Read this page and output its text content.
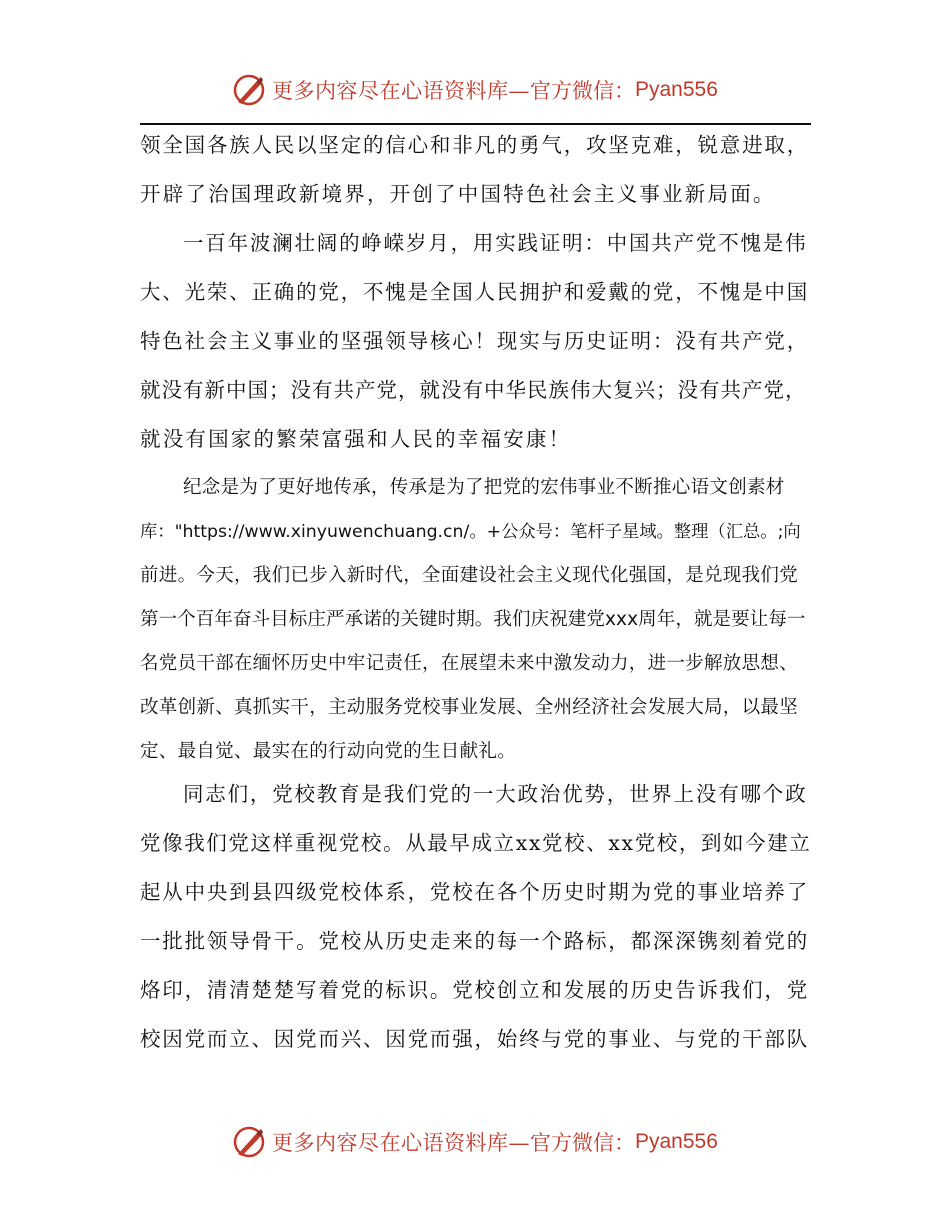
更多内容尽在心语资料库— 官方微信： Pyan556
领全国各族人民以坚定的信心和非凡的勇气，攻坚克难，锐意进取，
开辟了治国理政新境界，开创了中国特色社会主义事业新局面。
一百年波澜壮阔的峥嵘岁月，用实践证明：中国共产党不愧是伟
大、光荣、正确的党，不愧是全国人民拥护和爱戴的党，不愧是中国
特色社会主义事业的坚强领导核心！现实与历史证明：没有共产党，
就没有新中国；没有共产党，就没有中华民族伟大复兴；没有共产党，
就没有国家的繁荣富强和人民的幸福安康！
纪念是为了更好地传承，传承是为了把党的宏伟事业不断推心语文创素材
库："https://www.xinyuwenchuang.cn/。+公众号：笔杆子星域。整理（汇总。;向
前进。今天，我们已步入新时代，全面建设社会主义现代化强国，是兑现我们党
第一个百年奋斗目标庄严承诺的关键时期。我们庆祝建党xxx周年，就是要让每一
名党员干部在缅怀历史中牢记责任，在展望未来中激发动力，进一步解放思想、
改革创新、真抓实干，主动服务党校事业发展、全州经济社会发展大局，以最坚
定、最自觉、最实在的行动向党的生日献礼。
同志们，党校教育是我们党的一大政治优势，世界上没有哪个政
党像我们党这样重视党校。从最早成立xx党校、xx党校，到如今建立
起从中央到县四级党校体系，党校在各个历史时期为党的事业培养了
一批批领导骨干。党校从历史走来的每一个路标，都深深镌刻着党的
烙印，清清楚楚写着党的标识。党校创立和发展的历史告诉我们，党
校因党而立、因党而兴、因党而强，始终与党的事业、与党的干部队
更多内容尽在心语资料库— 官方微信： Pyan556
